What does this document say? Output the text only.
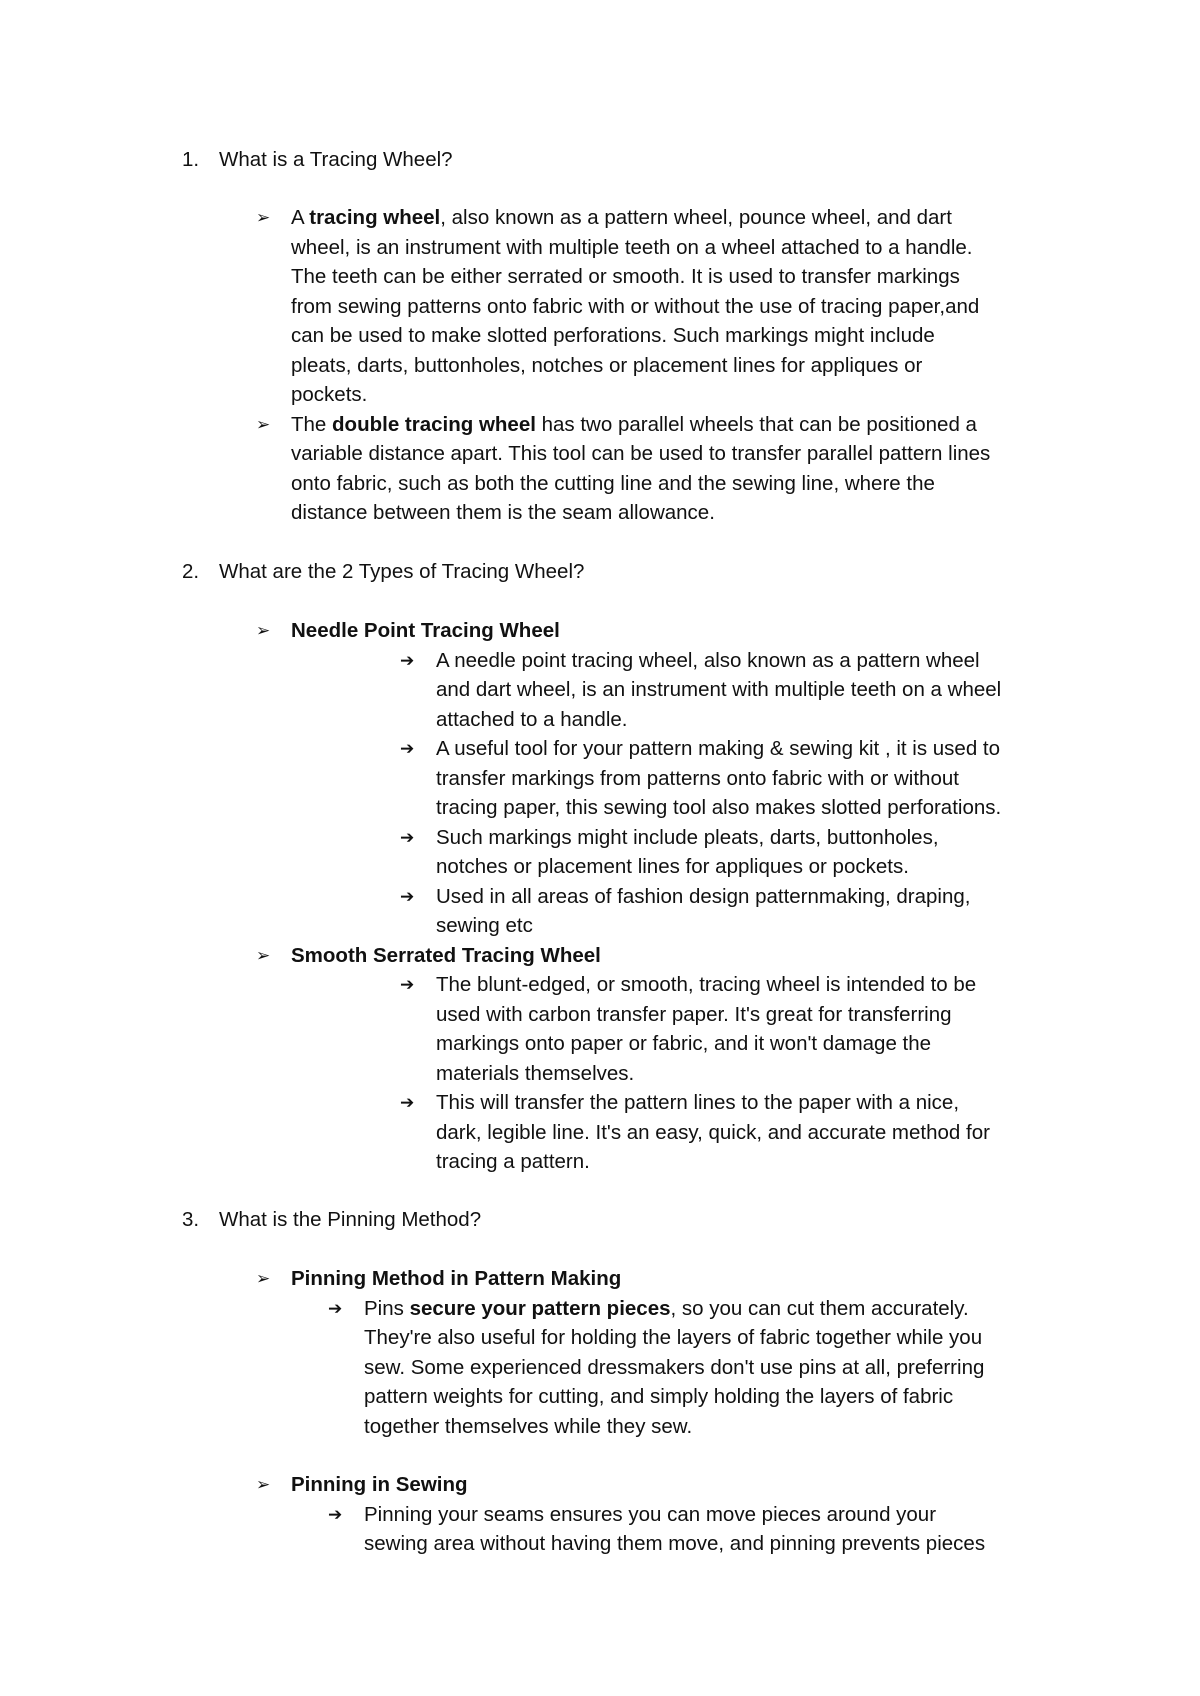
1. What is a Tracing Wheel?
➢ A tracing wheel, also known as a pattern wheel, pounce wheel, and dart
wheel, is an instrument with multiple teeth on a wheel attached to a handle.
The teeth can be either serrated or smooth. It is used to transfer markings
from sewing patterns onto fabric with or without the use of tracing paper,and
can be used to make slotted perforations. Such markings might include
pleats, darts, buttonholes, notches or placement lines for appliques or
pockets.
➢ The double tracing wheel has two parallel wheels that can be positioned a
variable distance apart. This tool can be used to transfer parallel pattern lines
onto fabric, such as both the cutting line and the sewing line, where the
distance between them is the seam allowance.
2. What are the 2 Types of Tracing Wheel?
➢ Needle Point Tracing Wheel
➔ A needle point tracing wheel, also known as a pattern wheel
and dart wheel, is an instrument with multiple teeth on a wheel
attached to a handle.
➔ A useful tool for your pattern making & sewing kit , it is used to
transfer markings from patterns onto fabric with or without
tracing paper, this sewing tool also makes slotted perforations.
➔ Such markings might include pleats, darts, buttonholes,
notches or placement lines for appliques or pockets.
➔ Used in all areas of fashion design patternmaking, draping,
sewing etc
➢ Smooth Serrated Tracing Wheel
➔ The blunt-edged, or smooth, tracing wheel is intended to be
used with carbon transfer paper. It's great for transferring
markings onto paper or fabric, and it won't damage the
materials themselves.
➔ This will transfer the pattern lines to the paper with a nice,
dark, legible line. It's an easy, quick, and accurate method for
tracing a pattern.
3. What is the Pinning Method?
➢ Pinning Method in Pattern Making
➔ Pins secure your pattern pieces, so you can cut them accurately.
They're also useful for holding the layers of fabric together while you
sew. Some experienced dressmakers don't use pins at all, preferring
pattern weights for cutting, and simply holding the layers of fabric
together themselves while they sew.
➢ Pinning in Sewing
➔ Pinning your seams ensures you can move pieces around your
sewing area without having them move, and pinning prevents pieces
